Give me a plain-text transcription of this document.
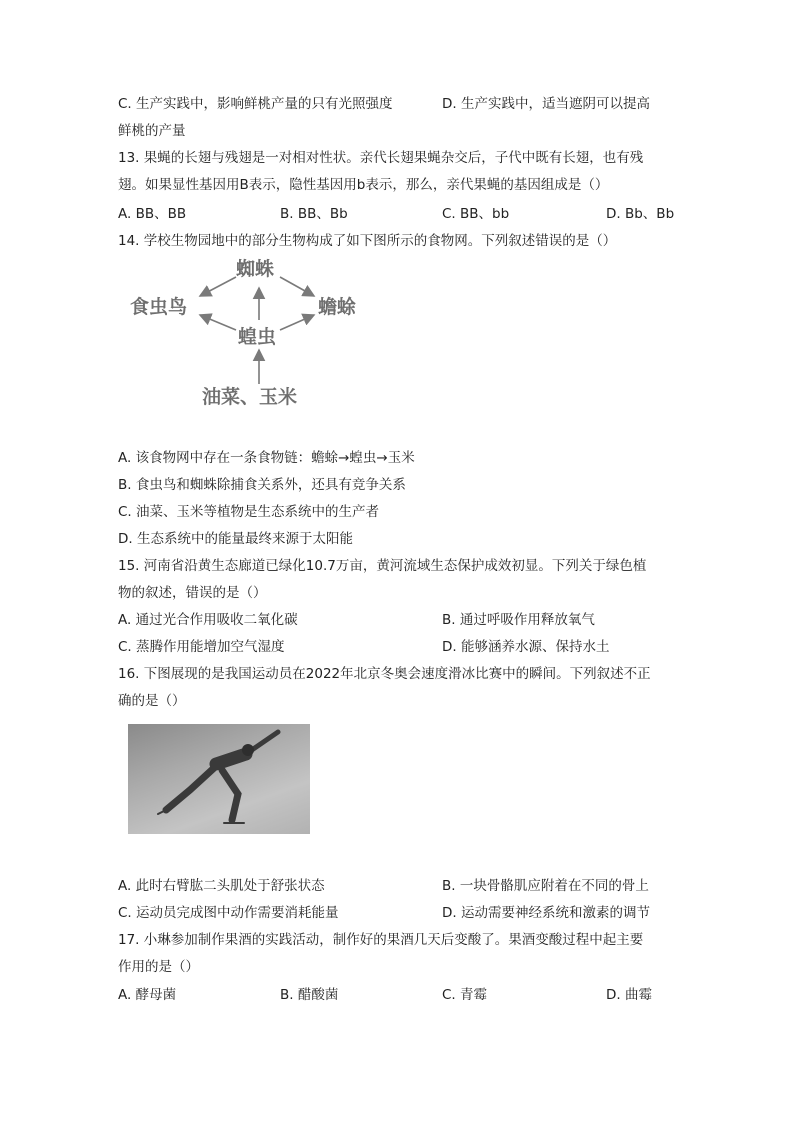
C. 生产实践中，影响鲜桃产量的只有光照强度	D. 生产实践中，适当遮阴可以提高
鲜桃的产量
13. 果蝇的长翅与残翅是一对相对性状。亲代长翅果蝇杂交后，子代中既有长翅，也有残
翅。如果显性基因用B表示，隐性基因用b表示，那么，亲代果蝇的基因组成是（）
A. BB、BB	B. BB、Bb	C. BB、bb	D. Bb、Bb
14. 学校生物园地中的部分生物构成了如下图所示的食物网。下列叙述错误的是（）
蜘蛛
食虫鸟	蟾蜍
蝗虫
油菜、玉米
A. 该食物网中存在一条食物链：蟾蜍→蝗虫→玉米
B. 食虫鸟和蜘蛛除捕食关系外，还具有竞争关系
C. 油菜、玉米等植物是生态系统中的生产者
D. 生态系统中的能量最终来源于太阳能
15. 河南省沿黄生态廊道已绿化10.7万亩，黄河流域生态保护成效初显。下列关于绿色植
物的叙述，错误的是（）
A. 通过光合作用吸收二氧化碳	B. 通过呼吸作用释放氧气
C. 蒸腾作用能增加空气湿度	D. 能够涵养水源、保持水土
16. 下图展现的是我国运动员在2022年北京冬奥会速度滑冰比赛中的瞬间。下列叙述不正
确的是（）
A. 此时右臂肱二头肌处于舒张状态	B. 一块骨骼肌应附着在不同的骨上
C. 运动员完成图中动作需要消耗能量	D. 运动需要神经系统和激素的调节
17. 小琳参加制作果酒的实践活动，制作好的果酒几天后变酸了。果酒变酸过程中起主要
作用的是（）
A. 酵母菌	B. 醋酸菌	C. 青霉	D. 曲霉
